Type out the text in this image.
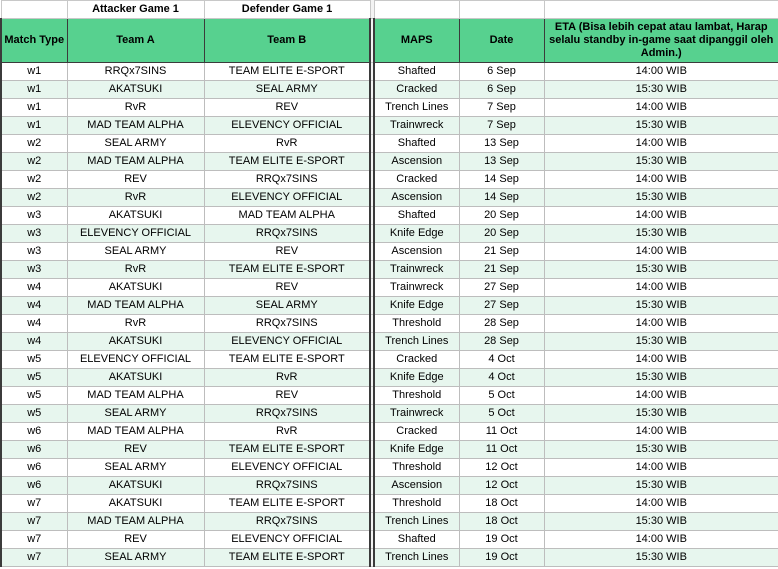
	Attacker Game 1	Defender Game 1				
Match Type	Team A	Team B		MAPS	Date	ETA (Bisa lebih cepat atau lambat, Harap selalu standby in-game saat dipanggil oleh Admin.)
w1	RRQx7SINS	TEAM ELITE E-SPORT		Shafted	6 Sep	14:00 WIB
w1	AKATSUKI	SEAL ARMY		Cracked	6 Sep	15:30 WIB
w1	RvR	REV		Trench Lines	7 Sep	14:00 WIB
w1	MAD TEAM ALPHA	ELEVENCY OFFICIAL		Trainwreck	7 Sep	15:30 WIB
w2	SEAL ARMY	RvR		Shafted	13 Sep	14:00 WIB
w2	MAD TEAM ALPHA	TEAM ELITE E-SPORT		Ascension	13 Sep	15:30 WIB
w2	REV	RRQx7SINS		Cracked	14 Sep	14:00 WIB
w2	RvR	ELEVENCY OFFICIAL		Ascension	14 Sep	15:30 WIB
w3	AKATSUKI	MAD TEAM ALPHA		Shafted	20 Sep	14:00 WIB
w3	ELEVENCY OFFICIAL	RRQx7SINS		Knife Edge	20 Sep	15:30 WIB
w3	SEAL ARMY	REV		Ascension	21 Sep	14:00 WIB
w3	RvR	TEAM ELITE E-SPORT		Trainwreck	21 Sep	15:30 WIB
w4	AKATSUKI	REV		Trainwreck	27 Sep	14:00 WIB
w4	MAD TEAM ALPHA	SEAL ARMY		Knife Edge	27 Sep	15:30 WIB
w4	RvR	RRQx7SINS		Threshold	28 Sep	14:00 WIB
w4	AKATSUKI	ELEVENCY OFFICIAL		Trench Lines	28 Sep	15:30 WIB
w5	ELEVENCY OFFICIAL	TEAM ELITE E-SPORT		Cracked	4 Oct	14:00 WIB
w5	AKATSUKI	RvR		Knife Edge	4 Oct	15:30 WIB
w5	MAD TEAM ALPHA	REV		Threshold	5 Oct	14:00 WIB
w5	SEAL ARMY	RRQx7SINS		Trainwreck	5 Oct	15:30 WIB
w6	MAD TEAM ALPHA	RvR		Cracked	11 Oct	14:00 WIB
w6	REV	TEAM ELITE E-SPORT		Knife Edge	11 Oct	15:30 WIB
w6	SEAL ARMY	ELEVENCY OFFICIAL		Threshold	12 Oct	14:00 WIB
w6	AKATSUKI	RRQx7SINS		Ascension	12 Oct	15:30 WIB
w7	AKATSUKI	TEAM ELITE E-SPORT		Threshold	18 Oct	14:00 WIB
w7	MAD TEAM ALPHA	RRQx7SINS		Trench Lines	18 Oct	15:30 WIB
w7	REV	ELEVENCY OFFICIAL		Shafted	19 Oct	14:00 WIB
w7	SEAL ARMY	TEAM ELITE E-SPORT		Trench Lines	19 Oct	15:30 WIB
